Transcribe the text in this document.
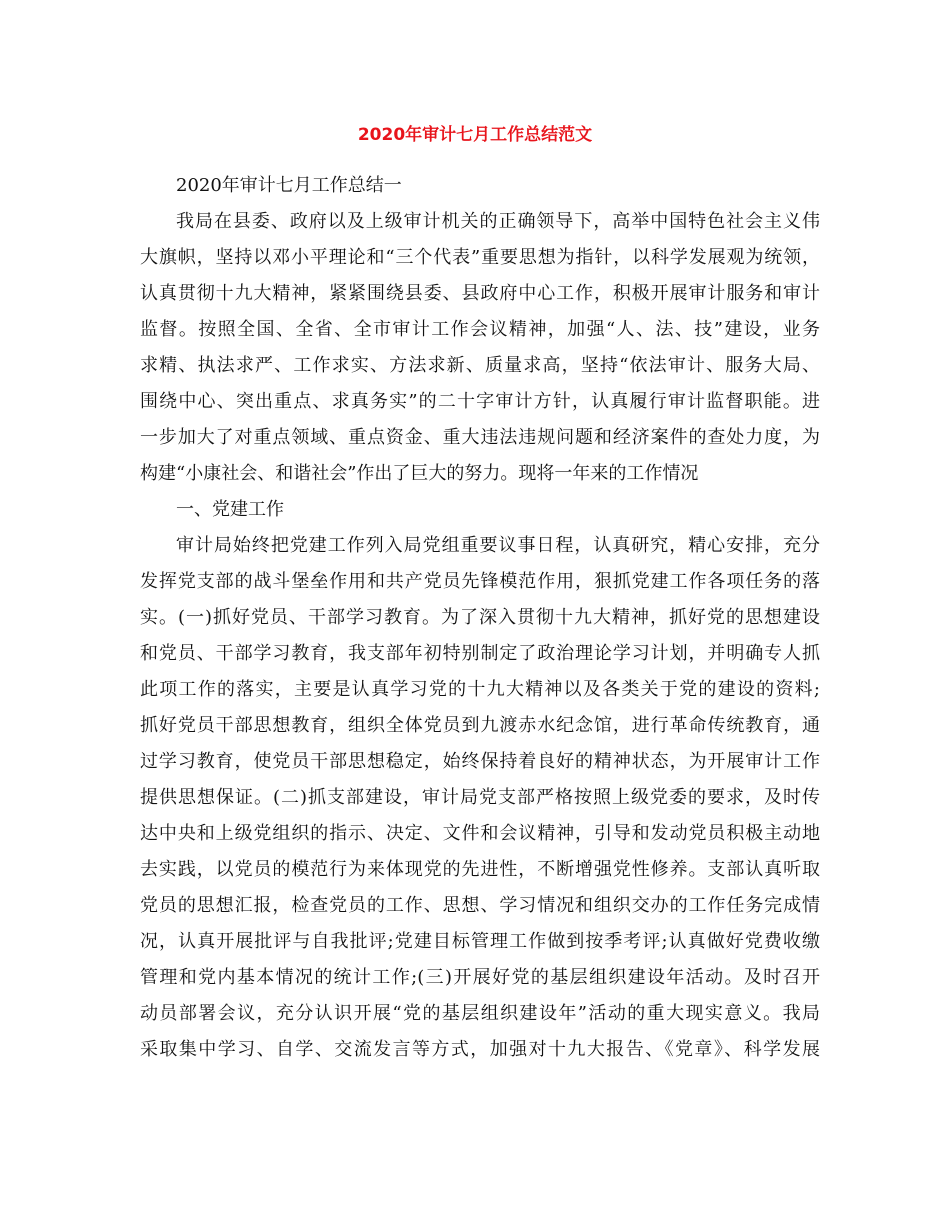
2020年审计七月工作总结范文
2020年审计七月工作总结一
我局在县委、政府以及上级审计机关的正确领导下，高举中国特色社会主义伟
大旗帜，坚持以邓小平理论和“三个代表”重要思想为指针，以科学发展观为统领，
认真贯彻十九大精神，紧紧围绕县委、县政府中心工作，积极开展审计服务和审计
监督。按照全国、全省、全市审计工作会议精神，加强“人、法、技”建设，业务
求精、执法求严、工作求实、方法求新、质量求高，坚持“依法审计、服务大局、
围绕中心、突出重点、求真务实”的二十字审计方针，认真履行审计监督职能。进
一步加大了对重点领域、重点资金、重大违法违规问题和经济案件的查处力度，为
构建“小康社会、和谐社会”作出了巨大的努力。现将一年来的工作情况
一、党建工作
审计局始终把党建工作列入局党组重要议事日程，认真研究，精心安排，充分
发挥党支部的战斗堡垒作用和共产党员先锋模范作用，狠抓党建工作各项任务的落
实。(一)抓好党员、干部学习教育。为了深入贯彻十九大精神，抓好党的思想建设
和党员、干部学习教育，我支部年初特别制定了政治理论学习计划，并明确专人抓
此项工作的落实，主要是认真学习党的十九大精神以及各类关于党的建设的资料;
抓好党员干部思想教育，组织全体党员到九渡赤水纪念馆，进行革命传统教育，通
过学习教育，使党员干部思想稳定，始终保持着良好的精神状态，为开展审计工作
提供思想保证。(二)抓支部建设，审计局党支部严格按照上级党委的要求，及时传
达中央和上级党组织的指示、决定、文件和会议精神，引导和发动党员积极主动地
去实践，以党员的模范行为来体现党的先进性，不断增强党性修养。支部认真听取
党员的思想汇报，检查党员的工作、思想、学习情况和组织交办的工作任务完成情
况，认真开展批评与自我批评;党建目标管理工作做到按季考评;认真做好党费收缴
管理和党内基本情况的统计工作;(三)开展好党的基层组织建设年活动。及时召开
动员部署会议，充分认识开展“党的基层组织建设年”活动的重大现实意义。我局
采取集中学习、自学、交流发言等方式，加强对十九大报告、《党章》、科学发展
